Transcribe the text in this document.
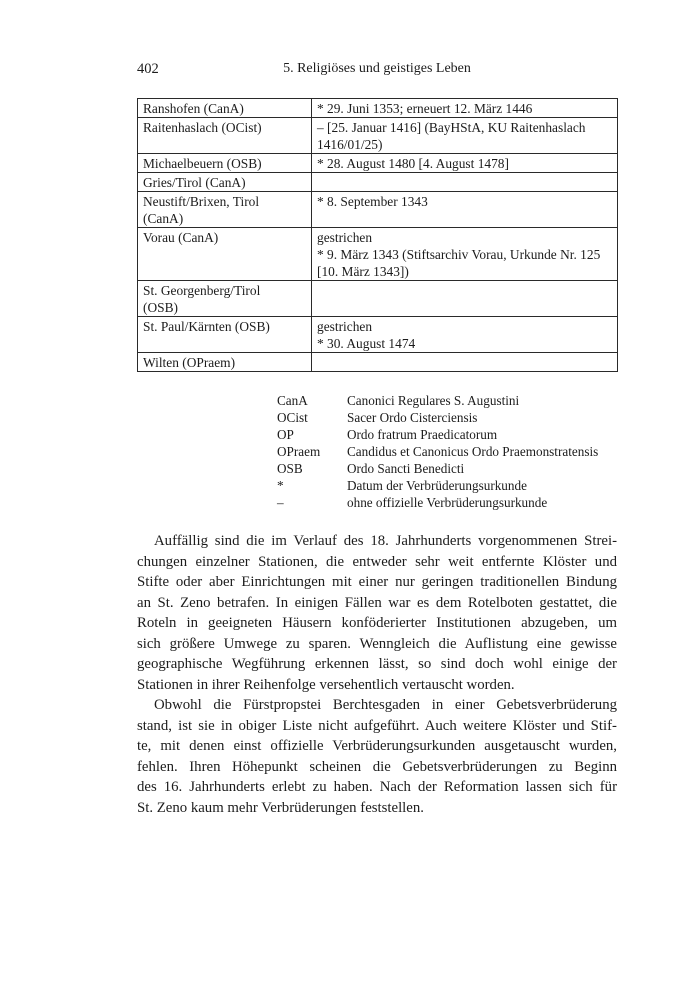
402	5. Religiöses und geistiges Leben
Ranshofen (CanA)	* 29. Juni 1353; erneuert 12. März 1446

Raitenhaslach (OCist)	– [25. Januar 1416] (BayHStA, KU Raitenhaslach
1416/01/25)

Michaelbeuern (OSB)	* 28. August 1480 [4. August 1478]

Gries/Tirol (CanA)	

Neustift/Brixen, Tirol
(CanA)	* 8. September 1343

Vorau (CanA)	gestrichen
* 9. März 1343 (Stiftsarchiv Vorau, Urkunde Nr. 125
[10. März 1343])

St. Georgenberg/Tirol
(OSB)	

St. Paul/Kärnten (OSB)	gestrichen
* 30. August 1474

Wilten (OPraem)	

CanA	Canonici Regulares S. Augustini
OCist	Sacer Ordo Cisterciensis
OP	Ordo fratrum Praedicatorum
OPraem	Candidus et Canonicus Ordo Praemonstratensis
OSB	Ordo Sancti Benedicti
*	Datum der Verbrüderungsurkunde
–	ohne offizielle Verbrüderungsurkunde

Auffällig sind die im Verlauf des 18. Jahrhunderts vorgenommenen Strei-
chungen einzelner Stationen, die entweder sehr weit entfernte Klöster und
Stifte oder aber Einrichtungen mit einer nur geringen traditionellen Bindung
an St. Zeno betrafen. In einigen Fällen war es dem Rotelboten gestattet, die
Roteln in geeigneten Häusern konföderierter Institutionen abzugeben, um
sich größere Umwege zu sparen. Wenngleich die Auflistung eine gewisse
geographische Wegführung erkennen lässt, so sind doch wohl einige der
Stationen in ihrer Reihenfolge versehentlich vertauscht worden.

Obwohl die Fürstpropstei Berchtesgaden in einer Gebetsverbrüderung
stand, ist sie in obiger Liste nicht aufgeführt. Auch weitere Klöster und Stif-
te, mit denen einst offizielle Verbrüderungsurkunden ausgetauscht wurden,
fehlen. Ihren Höhepunkt scheinen die Gebetsverbrüderungen zu Beginn
des 16. Jahrhunderts erlebt zu haben. Nach der Reformation lassen sich für
St. Zeno kaum mehr Verbrüderungen feststellen.
